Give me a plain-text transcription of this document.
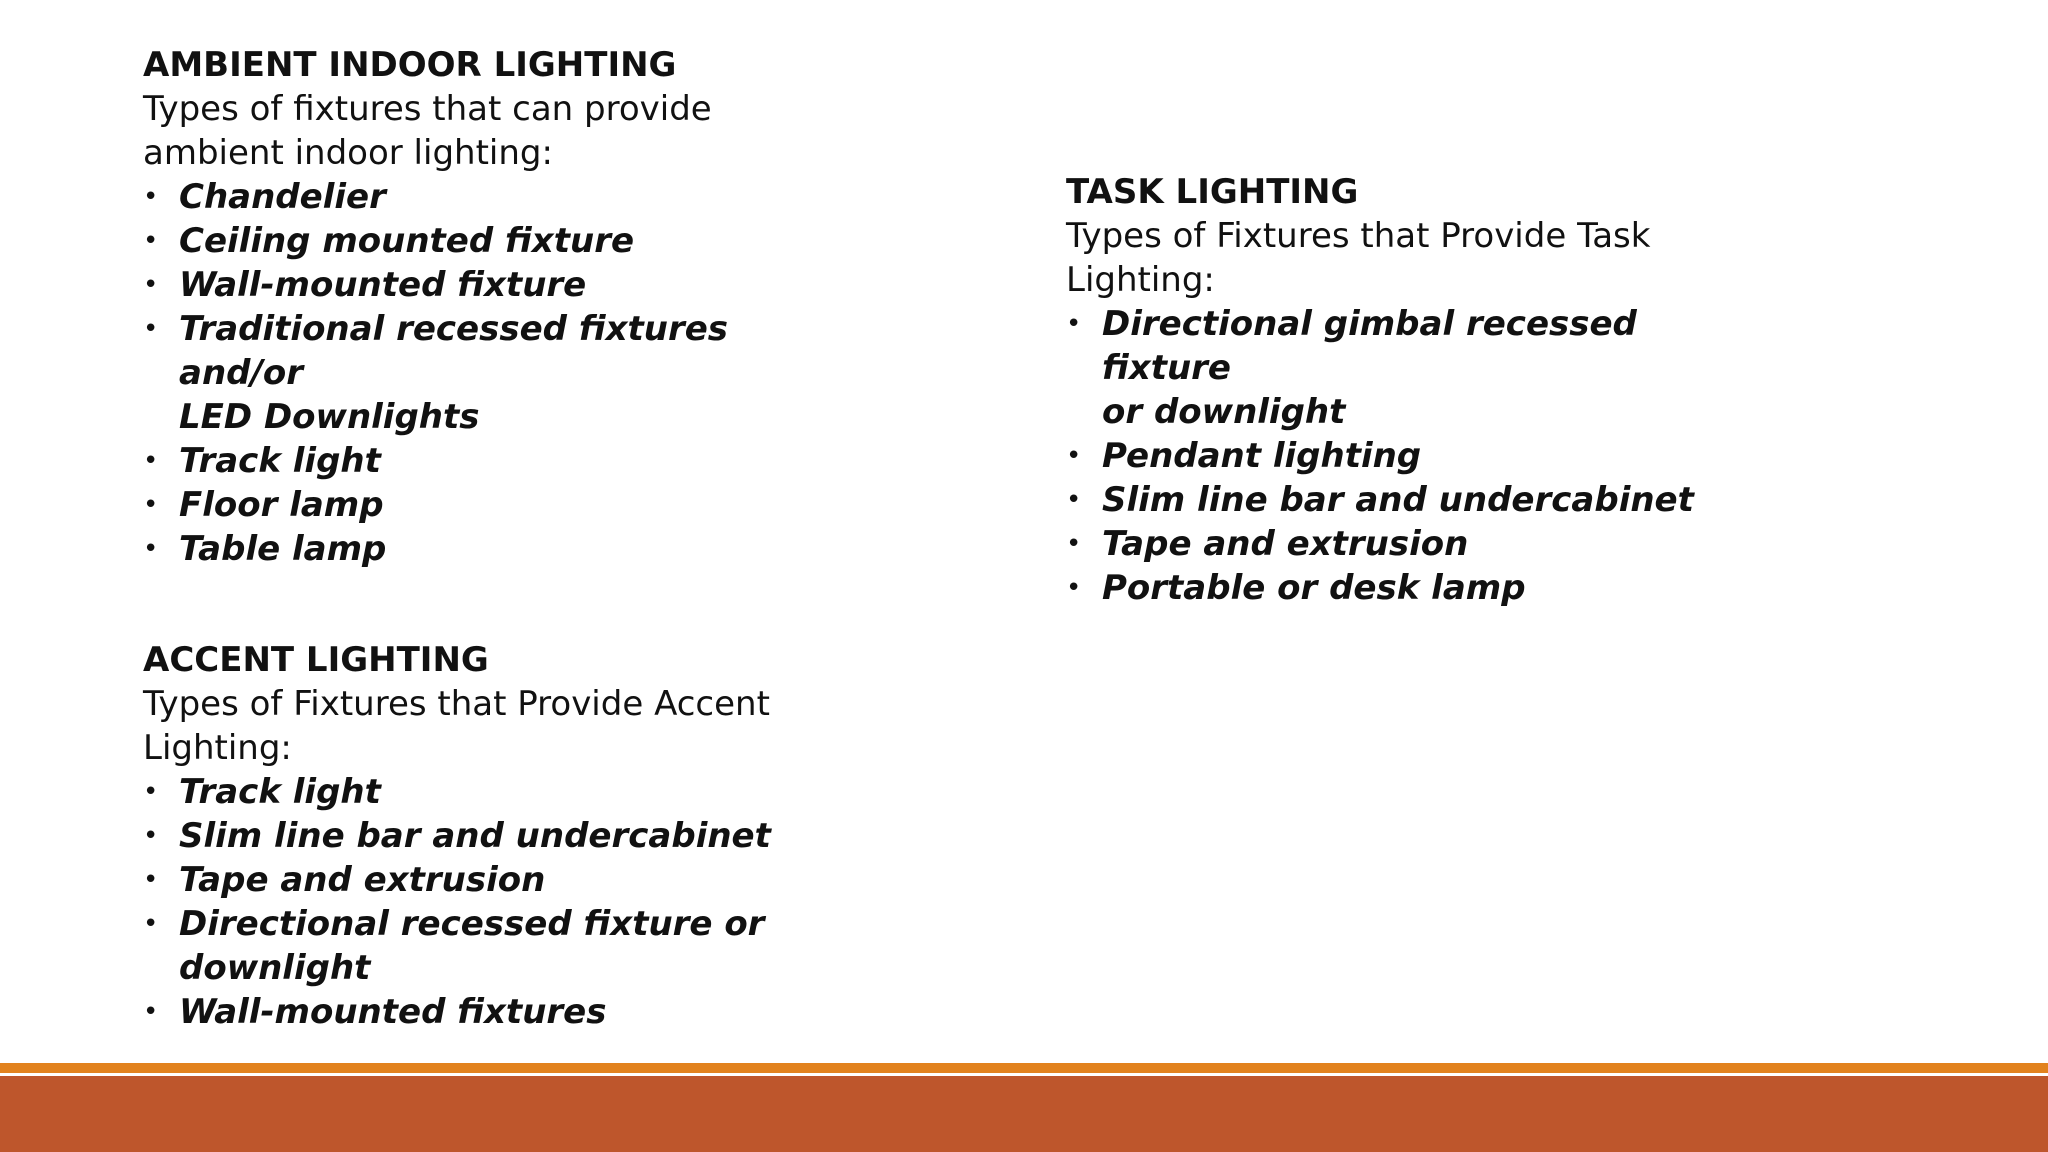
AMBIENT INDOOR LIGHTING

Types of fixtures that can provide

ambient indoor lighting:

• Chandelier
• Ceiling mounted fixture
• Wall-mounted fixture
• Traditional recessed fixtures and/or
LED Downlights
• Track light
• Floor lamp
• Table lamp

TASK LIGHTING

Types of Fixtures that Provide Task

Lighting:

• Directional gimbal recessed fixture
or downlight
• Pendant lighting
• Slim line bar and undercabinet
• Tape and extrusion
• Portable or desk lamp

ACCENT LIGHTING

Types of Fixtures that Provide Accent

Lighting:

• Track light
• Slim line bar and undercabinet
• Tape and extrusion
• Directional recessed fixture or
downlight
• Wall-mounted fixtures
